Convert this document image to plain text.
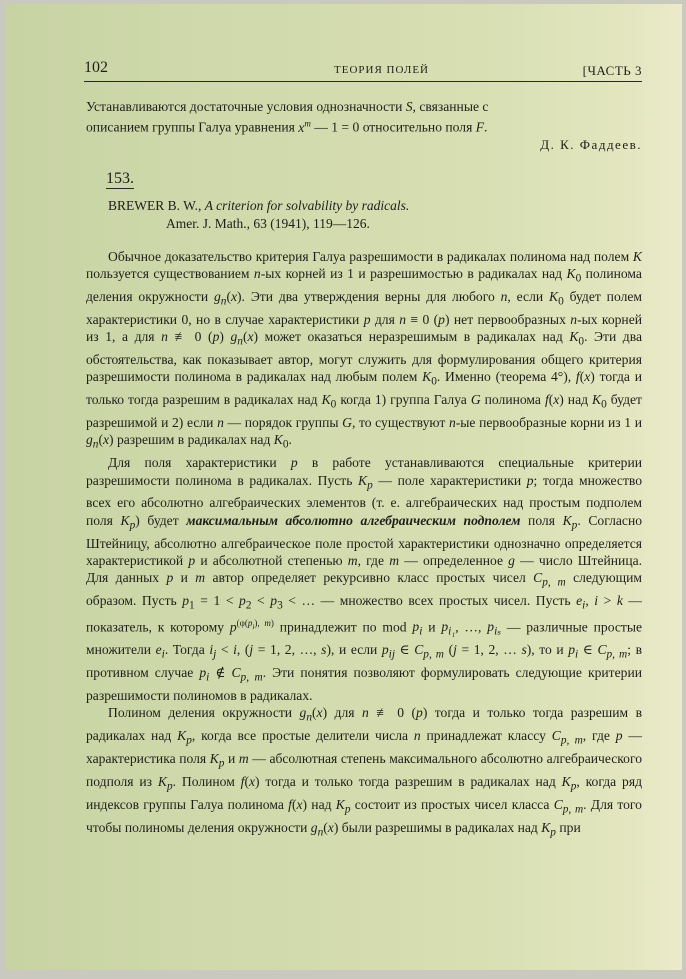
102	ТЕОРИЯ ПОЛЕЙ	[ЧАСТЬ 3

Устанавливаются достаточные условия однозначности S, связанные с

описанием группы Галуа уравнения $x^m$ — 1 = 0 относительно поля F.

Д. К. Фаддеев.
153.
BREWER B. W., A criterion for solvability by radicals.
Amer. J. Math., 63 (1941), 119—126.

Обычное доказательство критерия Галуа разрешимости в радикалах полинома над полем K пользуется существованием n-ых корней из 1 и разрешимостью в радикалах над $K_0$ полинома деления окружности $g_n(x)$. Эти два утверждения верны для любого n, если $K_0$ будет полем характеристики 0, но в случае характеристики p для n ≡ 0 (p) нет первообразных n-ых корней из 1, а для n ≢ 0 (p) $g_n(x)$ может оказаться неразрешимым в радикалах над $K_0$. Эти два обстоятельства, как показывает автор, могут служить для формулирования общего критерия разрешимости полинома в радикалах над любым полем $K_0$. Именно (теорема 4°), f(x) тогда и только тогда разрешим в радикалах над $K_0$ когда 1) группа Галуа G полинома f(x) над $K_0$ будет разрешимой и 2) если n — порядок группы G, то существуют n-ые первообразные корни из 1 и $g_n(x)$ разрешим в радикалах над $K_0$.

Для поля характеристики p в работе устанавливаются специальные критерии разрешимости полинома в радикалах. Пусть $K_p$ — поле характеристики p; тогда множество всех его абсолютно алгебраических элементов (т. е. алгебраических над простым подполем поля $K_p$) будет максимальным абсолютно алгебраическим подполем поля $K_p$. Согласно Штейницу, абсолютно алгебраическое поле простой характеристики однозначно определяется характеристикой p и абсолютной степенью m, где m — определенное g — число Штейница. Для данных p и m автор определяет рекурсивно класс простых чисел $C_{p, m}$ следующим образом. Пусть $p_1 = 1 < p_2 < p_3$ < … — множество всех простых чисел. Пусть $e_i$, i > k — показатель, к которому $p^{(\varphi(p_i), m)}$ принадлежит по mod $p_i$ и $p_{i_1}$, …, $p_{i_s}$ — различные простые множители $e_i$. Тогда $i_j < i$, (j = 1, 2, …, s), и если $p_{ij}$ ∈ $C_{p, m}$ (j = 1, 2, … s), то и $p_i$ ∈ $C_{p, m}$; в противном случае $p_i$ ∉ $C_{p, m}$. Эти понятия позволяют формулировать следующие критерии разрешимости полиномов в радикалах.

Полином деления окружности $g_n(x)$ для n ≢ 0 (p) тогда и только тогда разрешим в радикалах над $K_p$, когда все простые делители числа n принадлежат классу $C_{p, m}$, где p — характеристика поля $K_p$ и m — абсолютная степень максимального абсолютно алгебраического подполя из $K_p$. Полином f(x) тогда и только тогда разрешим в радикалах над $K_p$, когда ряд индексов группы Галуа полинома f(x) над $K_p$ состоит из простых чисел класса $C_{p, m}$. Для того чтобы полиномы деления окружности $g_n(x)$ были разрешимы в радикалах над $K_p$ при
